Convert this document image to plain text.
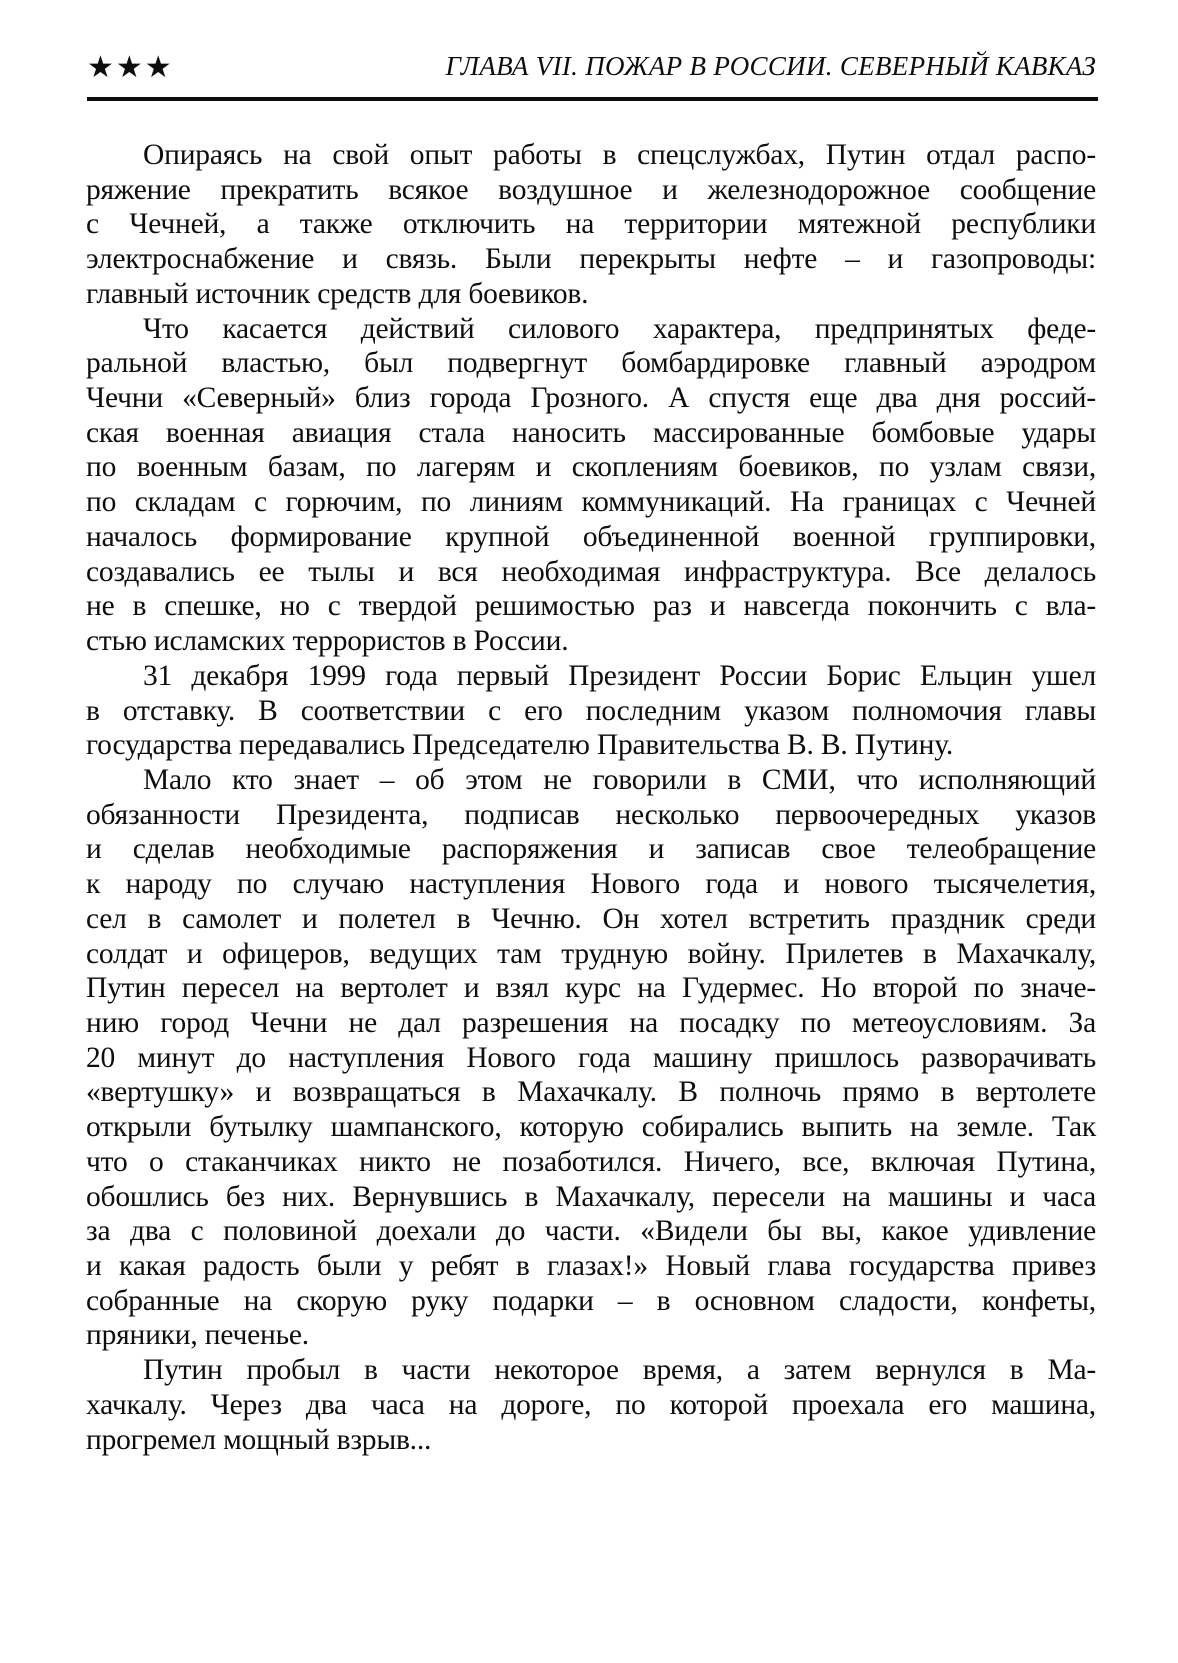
★★★	ГЛАВА VII. ПОЖАР В РОССИИ. СЕВЕРНЫЙ КАВКАЗ

Опираясь на свой опыт работы в спецслужбах, Путин отдал распо-
ряжение прекратить всякое воздушное и железнодорожное сообщение
с Чечней, а также отключить на территории мятежной республики
электроснабжение и связь. Были перекрыты нефте – и газопроводы:
главный источник средств для боевиков.

Что касается действий силового характера, предпринятых феде-
ральной властью, был подвергнут бомбардировке главный аэродром
Чечни «Северный» близ города Грозного. А спустя еще два дня россий-
ская военная авиация стала наносить массированные бомбовые удары
по военным базам, по лагерям и скоплениям боевиков, по узлам связи,
по складам с горючим, по линиям коммуникаций. На границах с Чечней
началось формирование крупной объединенной военной группировки,
создавались ее тылы и вся необходимая инфраструктура. Все делалось
не в спешке, но с твердой решимостью раз и навсегда покончить с вла-
стью исламских террористов в России.

31 декабря 1999 года первый Президент России Борис Ельцин ушел
в отставку. В соответствии с его последним указом полномочия главы
государства передавались Председателю Правительства В. В. Путину.

Мало кто знает – об этом не говорили в СМИ, что исполняющий
обязанности Президента, подписав несколько первоочередных указов
и сделав необходимые распоряжения и записав свое телеобращение
к народу по случаю наступления Нового года и нового тысячелетия,
сел в самолет и полетел в Чечню. Он хотел встретить праздник среди
солдат и офицеров, ведущих там трудную войну. Прилетев в Махачкалу,
Путин пересел на вертолет и взял курс на Гудермес. Но второй по значе-
нию город Чечни не дал разрешения на посадку по метеоусловиям. За
20 минут до наступления Нового года машину пришлось разворачивать
«вертушку» и возвращаться в Махачкалу. В полночь прямо в вертолете
открыли бутылку шампанского, которую собирались выпить на земле. Так
что о стаканчиках никто не позаботился. Ничего, все, включая Путина,
обошлись без них. Вернувшись в Махачкалу, пересели на машины и часа
за два с половиной доехали до части. «Видели бы вы, какое удивление
и какая радость были у ребят в глазах!» Новый глава государства привез
собранные на скорую руку подарки – в основном сладости, конфеты,
пряники, печенье.

Путин пробыл в части некоторое время, а затем вернулся в Ма-
хачкалу. Через два часа на дороге, по которой проехала его машина,
прогремел мощный взрыв...
